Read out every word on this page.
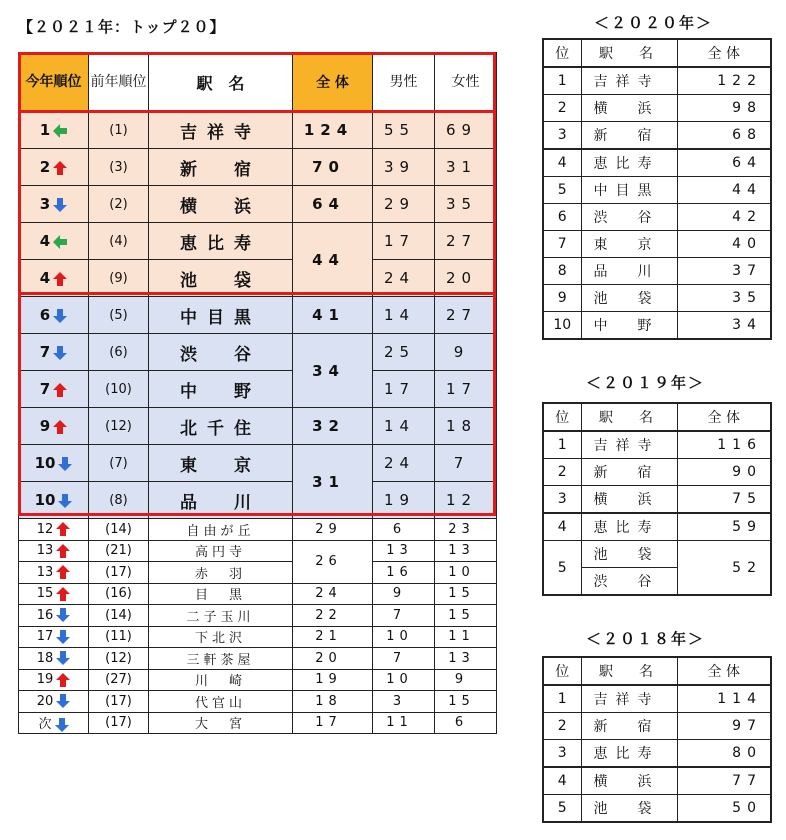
【２０２１年：トップ２０】
今年順位	前年順位	駅　名	全 体	男性	女性
1	(1)	吉祥寺	124	55	69
2	(3)	新　宿	70	39	31
3	(2)	横　浜	64	29	35
4	(4)	恵比寿	44	17	27
4	(9)	池　袋		24	20
6	(5)	中目黒	41	14	27
7	(6)	渋　谷	34	25	9
7	(10)	中　野		17	17
9	(12)	北千住	32	14	18
10	(7)	東　京	31	24	7
10	(8)	品　川		19	12
12	(14)	自由が丘	29	6	23
13	(21)	高円寺	26	13	13
13	(17)	赤　羽		16	10
15	(16)	目　黒	24	9	15
16	(14)	二子玉川	22	7	15
17	(11)	下北沢	21	10	11
18	(12)	三軒茶屋	20	7	13
19	(27)	川　崎	19	10	9
20	(17)	代官山	18	3	15
次	(17)	大　宮	17	11	6
＜２０２０年＞
位	駅　名	全 体
1	吉祥寺	122
2	横　浜	98
3	新　宿	68
4	恵比寿	64
5	中目黒	44
6	渋　谷	42
7	東　京	40
8	品　川	37
9	池　袋	35
10	中　野	34
＜２０１９年＞
位	駅　名	全 体
1	吉祥寺	116
2	新　宿	90
3	横　浜	75
4	恵比寿	59
5	池　袋	52
	渋　谷	
＜２０１８年＞
位	駅　名	全 体
1	吉祥寺	114
2	新　宿	97
3	恵比寿	80
4	横　浜	77
5	池　袋	50
